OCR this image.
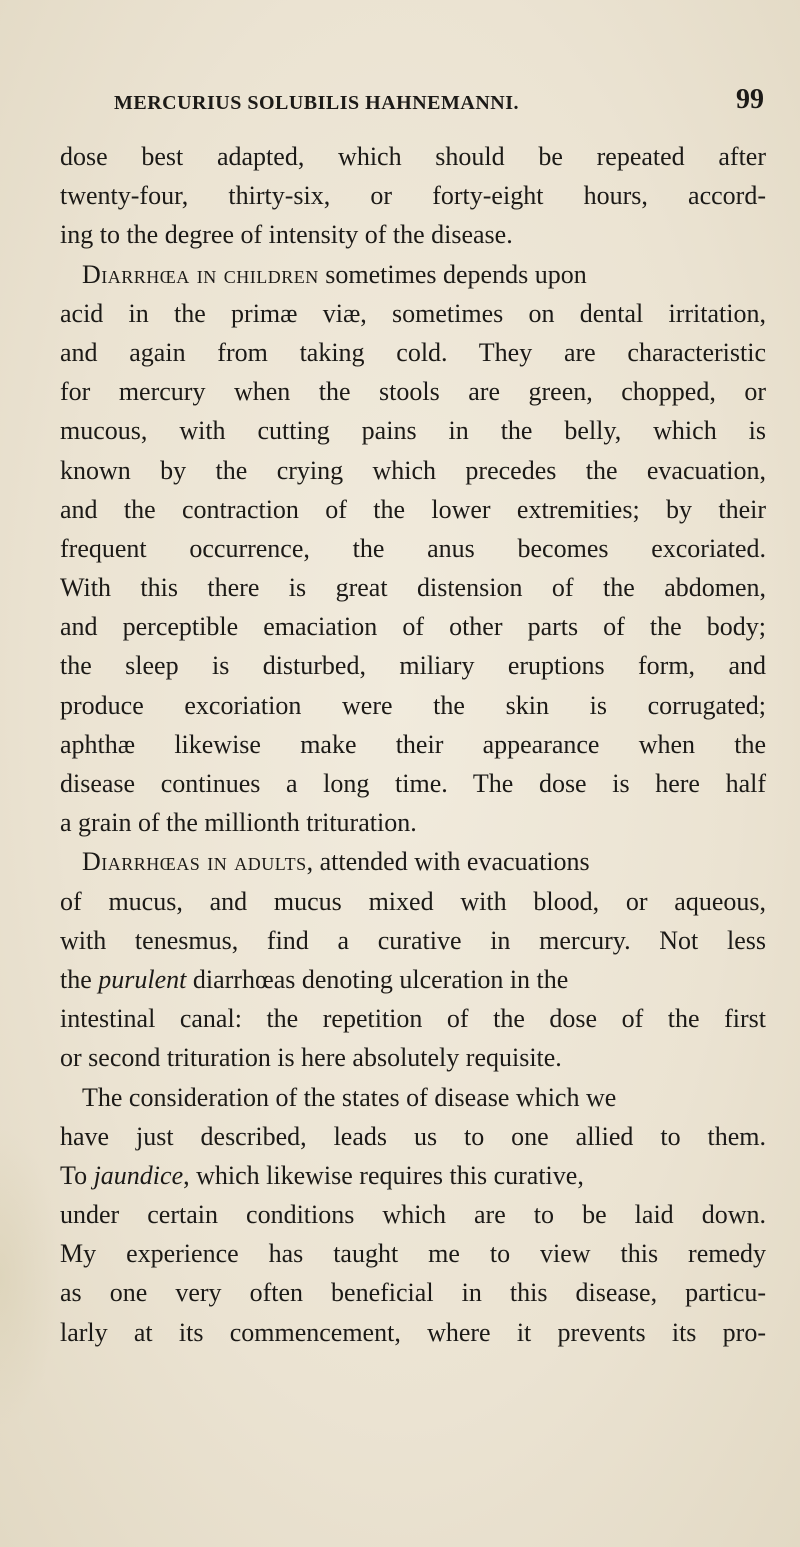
MERCURIUS SOLUBILIS HAHNEMANNI.	99
dose best adapted, which should be repeated after
twenty-four, thirty-six, or forty-eight hours, accord-
ing to the degree of intensity of the disease.
Diarrhœa in children sometimes depends upon
acid in the primæ viæ, sometimes on dental irritation,
and again from taking cold. They are characteristic
for mercury when the stools are green, chopped, or
mucous, with cutting pains in the belly, which is
known by the crying which precedes the evacuation,
and the contraction of the lower extremities; by their
frequent occurrence, the anus becomes excoriated.
With this there is great distension of the abdomen,
and perceptible emaciation of other parts of the body;
the sleep is disturbed, miliary eruptions form, and
produce excoriation were the skin is corrugated;
aphthæ likewise make their appearance when the
disease continues a long time. The dose is here half
a grain of the millionth trituration.
Diarrhœas in adults, attended with evacuations
of mucus, and mucus mixed with blood, or aqueous,
with tenesmus, find a curative in mercury. Not less
the purulent diarrhœas denoting ulceration in the
intestinal canal: the repetition of the dose of the first
or second trituration is here absolutely requisite.
The consideration of the states of disease which we
have just described, leads us to one allied to them.
To jaundice, which likewise requires this curative,
under certain conditions which are to be laid down.
My experience has taught me to view this remedy
as one very often beneficial in this disease, particu-
larly at its commencement, where it prevents its pro-
